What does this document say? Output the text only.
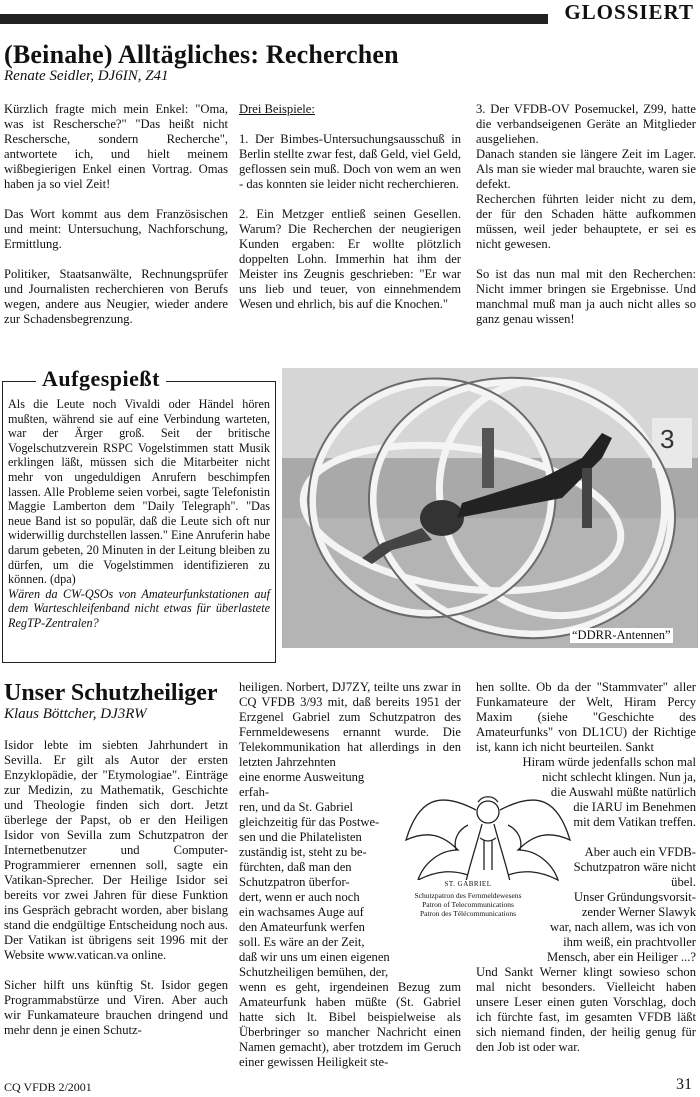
GLOSSIERT
(Beinahe) Alltägliches: Recherchen
Renate Seidler, DJ6IN, Z41

Kürzlich fragte mich mein Enkel: "Oma, was ist Reschersche?" "Das heißt nicht Reschersche, sondern Recherche", antwortete ich, und hielt meinem wißbegierigen Enkel einen Vortrag. Omas haben ja so viel Zeit!

Das Wort kommt aus dem Französischen und meint: Untersuchung, Nachforschung, Ermittlung.

Politiker, Staatsanwälte, Rechnungsprüfer und Journalisten recherchieren von Berufs wegen, andere aus Neugier, wieder andere zur Schadensbegrenzung.

Drei Beispiele:

1. Der Bimbes-Untersuchungsausschuß in Berlin stellte zwar fest, daß Geld, viel Geld, geflossen sein muß. Doch von wem an wen - das konnten sie leider nicht recherchieren.

2. Ein Metzger entließ seinen Gesellen. Warum? Die Recherchen der neugierigen Kunden ergaben: Er wollte plötzlich doppelten Lohn. Immerhin hat ihm der Meister ins Zeugnis geschrieben: "Er war uns lieb und teuer, von einnehmendem Wesen und ehrlich, bis auf die Knochen."

3. Der VFDB-OV Posemuckel, Z99, hatte die verbandseigenen Geräte an Mitglieder ausgeliehen.

Danach standen sie längere Zeit im Lager. Als man sie wieder mal brauchte, waren sie defekt.

Recherchen führten leider nicht zu dem, der für den Schaden hätte aufkommen müssen, weil jeder behauptete, er sei es nicht gewesen.

So ist das nun mal mit den Recherchen: Nicht immer bringen sie Ergebnisse. Und manchmal muß man ja auch nicht alles so ganz genau wissen!

Aufgespießt
Als die Leute noch Vivaldi oder Händel hören mußten, während sie auf eine Verbindung warteten, war der Ärger groß. Seit der britische Vogelschutzverein RSPC Vogelstimmen statt Musik erklingen läßt, müssen sich die Mitarbeiter nicht mehr von ungeduldigen Anrufern beschimpfen lassen. Alle Probleme seien vorbei, sagte Telefonistin Maggie Lamberton dem "Daily Telegraph". "Das neue Band ist so populär, daß die Leute sich oft nur widerwillig durchstellen lassen." Eine Anruferin habe darum gebeten, 20 Minuten in der Leitung bleiben zu dürfen, um die Vogelstimmen identifizieren zu können. (dpa)
Wären da CW-QSOs von Amateurfunkstationen auf dem Warteschleifenband nicht etwas für überlastete RegTP-Zentralen?
3
“DDRR-Antennen”
Unser Schutzheiliger
Klaus Böttcher, DJ3RW

Isidor lebte im siebten Jahrhundert in Sevilla. Er gilt als Autor der ersten Enzyklopädie, der "Etymologiae". Einträge zur Medizin, zu Mathematik, Geschichte und Theologie finden sich dort. Jetzt überlege der Papst, ob er den Heiligen Isidor von Sevilla zum Schutzpatron der Internetbenutzer und Computer-Programmierer ernennen soll, sagte ein Vatikan-Sprecher. Der Heilige Isidor sei bereits vor zwei Jahren für diese Funktion ins Gespräch gebracht worden, aber bislang stand die endgültige Entscheidung noch aus. Der Vatikan ist übrigens seit 1996 mit der Website www.vatican.va online.

Sicher hilft uns künftig St. Isidor gegen Programmabstürze und Viren. Aber auch wir Funkamateure brauchen dringend und mehr denn je einen Schutz-

heiligen. Norbert, DJ7ZY, teilte uns zwar in CQ VFDB 3/93 mit, daß bereits 1951 der Erzgenel Gabriel zum Schutzpatron des Fernmeldewesens ernannt wurde. Die Telekommunikation hat allerdings in den letzten Jahrzehnten
eine enorme Ausweitung erfah-
ren, und da St. Gabriel
gleichzeitig für das Postwe-
sen und die Philatelisten
zuständig ist, steht zu be-
fürchten, daß man den
Schutzpatron überfor-
dert, wenn er auch noch
ein wachsames Auge auf
den Amateurfunk werfen
soll. Es wäre an der Zeit,
daß wir uns um einen eigenen
Schutzheiligen bemühen, der,
wenn es geht, irgendeinen Bezug zum Amateurfunk haben müßte (St. Gabriel hatte sich lt. Bibel beispielweise als Überbringer so mancher Nachricht einen Namen gemacht), aber trotzdem im Geruch einer gewissen Heiligkeit ste-
hen sollte. Ob da der "Stammvater" aller Funkamateure der Welt, Hiram Percy Maxim (siehe "Geschichte des Amateurfunks" von DL1CU) der Richtige ist, kann ich nicht beurteilen. Sankt
Hiram würde jedenfalls schon mal
nicht schlecht klingen. Nun ja,
die Auswahl müßte natürlich
die IARU im Benehmen
mit dem Vatikan treffen.
Aber auch ein VFDB-
Schutzpatron wäre nicht
übel.
Unser Gründungsvorsit-
zender Werner Slawyk
war, nach allem, was ich von
ihm weiß, ein prachtvoller
Mensch, aber ein Heiliger ...?
Und Sankt Werner klingt sowieso schon mal nicht besonders. Vielleicht haben unsere Leser einen guten Vorschlag, doch ich fürchte fast, im gesamten VFDB läßt sich niemand finden, der heilig genug für den Job ist oder war.
ST. GABRIEL
Schutzpatron des Fernmeldewesens
Patron of Telecommunications
Patron des Télécommunications
CQ VFDB 2/2001	31
